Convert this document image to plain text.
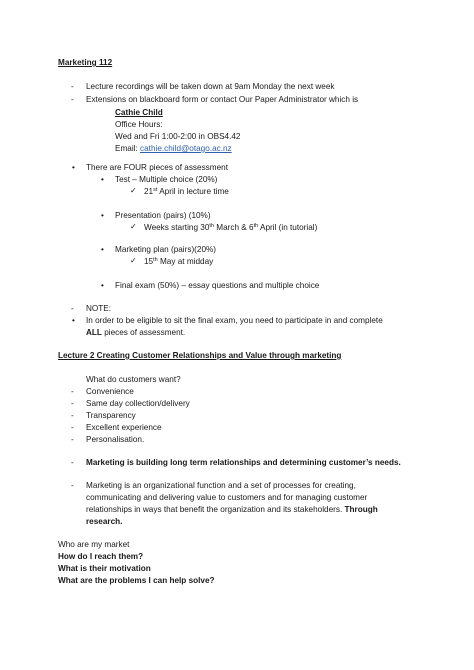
Marketing 112
- Lecture recordings will be taken down at 9am Monday the next week
- Extensions on blackboard form or contact Our Paper Administrator which is
Cathie Child
Office Hours:
Wed and Fri 1:00-2:00 in OBS4.42
Email: cathie.child@otago.ac.nz
• There are FOUR pieces of assessment
• Test – Multiple choice (20%)
✓ 21st April in lecture time
• Presentation (pairs) (10%)
✓ Weeks starting 30th March & 6th April (in tutorial)
• Marketing plan (pairs)(20%)
✓ 15th May at midday
• Final exam (50%) – essay questions and multiple choice
- NOTE:
• In order to be eligible to sit the final exam, you need to participate in and complete
ALL pieces of assessment.
Lecture 2 Creating Customer Relationships and Value through marketing
What do customers want?
- Convenience
- Same day collection/delivery
- Transparency
- Excellent experience
- Personalisation.
- Marketing is building long term relationships and determining customer’s needs.
- Marketing is an organizational function and a set of processes for creating,
communicating and delivering value to customers and for managing customer
relationships in ways that benefit the organization and its stakeholders. Through
research.
Who are my market
How do I reach them?
What is their motivation
What are the problems I can help solve?
